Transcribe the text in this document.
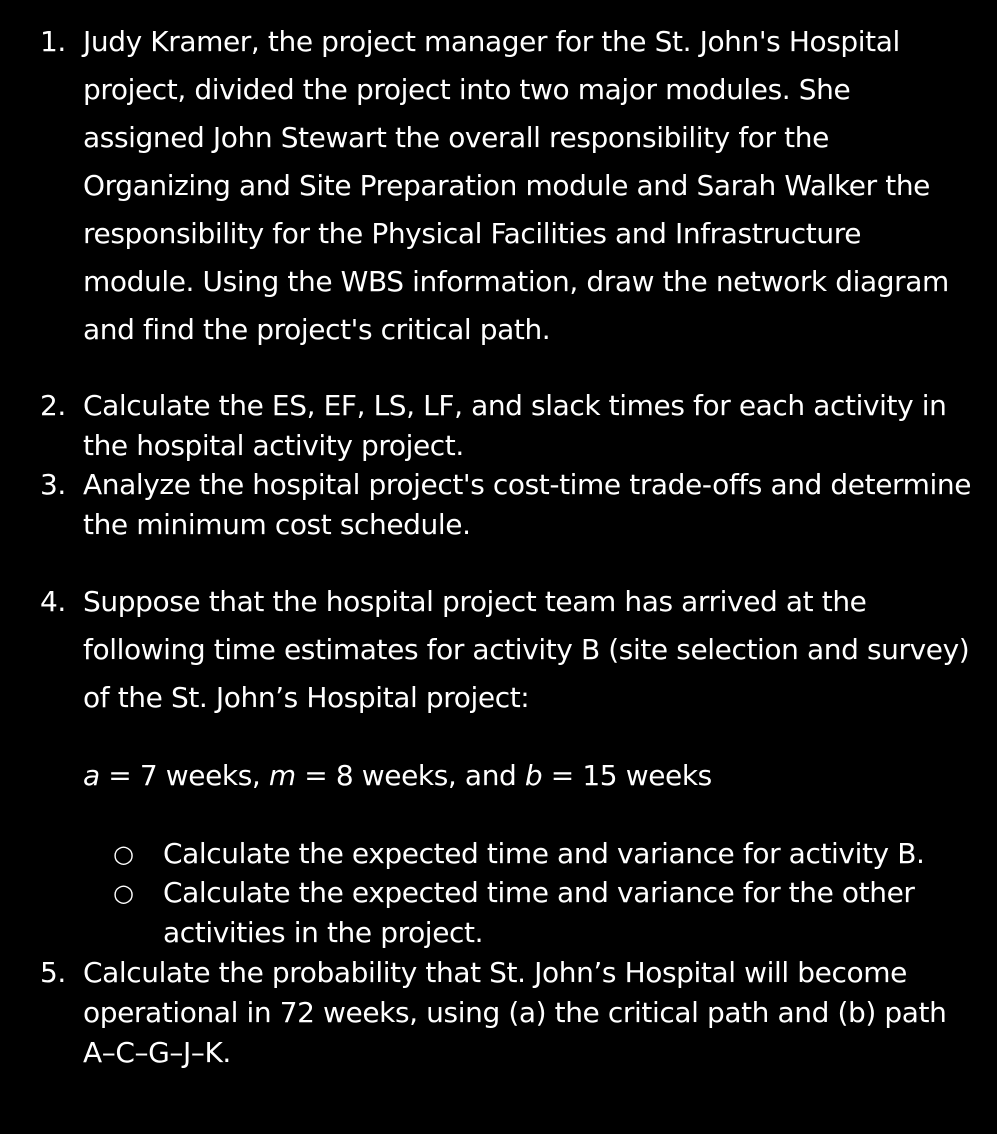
1. Judy Kramer, the project manager for the St. John's Hospital project, divided the project into two major modules. She assigned John Stewart the overall responsibility for the Organizing and Site Preparation module and Sarah Walker the responsibility for the Physical Facilities and Infrastructure module. Using the WBS information, draw the network diagram and find the project's critical path.
2. Calculate the ES, EF, LS, LF, and slack times for each activity in the hospital activity project.
3. Analyze the hospital project's cost-time trade-offs and determine the minimum cost schedule.
4. Suppose that the hospital project team has arrived at the following time estimates for activity B (site selection and survey) of the St. John’s Hospital project:
a = 7 weeks, m = 8 weeks, and b = 15 weeks
○ Calculate the expected time and variance for activity B.
○ Calculate the expected time and variance for the other activities in the project.
5. Calculate the probability that St. John’s Hospital will become operational in 72 weeks, using (a) the critical path and (b) path A–C–G–J–K.
